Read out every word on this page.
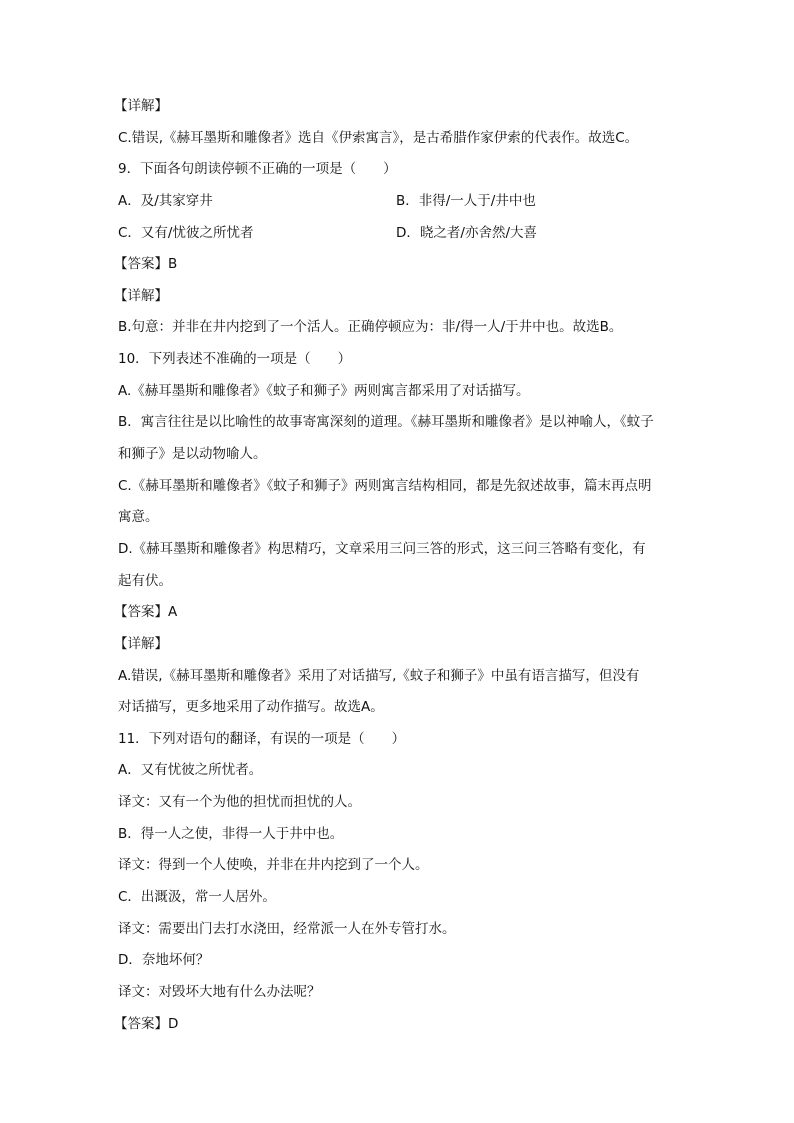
【详解】
C.错误,《赫耳墨斯和雕像者》选自《伊索寓言》，是古希腊作家伊索的代表作。故选C。
9．下面各句朗读停顿不正确的一项是（　　）
A．及/其家穿井	B．非得/一人于/井中也
C．又有/忧彼之所忧者	D．晓之者/亦舍然/大喜
【答案】B
【详解】
B.句意：并非在井内挖到了一个活人。正确停顿应为：非/得一人/于井中也。故选B。
10．下列表述不准确的一项是（　　）
A.《赫耳墨斯和雕像者》《蚊子和狮子》两则寓言都采用了对话描写。
B．寓言往往是以比喻性的故事寄寓深刻的道理。《赫耳墨斯和雕像者》是以神喻人，《蚊子
和狮子》是以动物喻人。
C.《赫耳墨斯和雕像者》《蚊子和狮子》两则寓言结构相同，都是先叙述故事，篇末再点明
寓意。
D.《赫耳墨斯和雕像者》构思精巧，文章采用三问三答的形式，这三问三答略有变化，有
起有伏。
【答案】A
【详解】
A.错误,《赫耳墨斯和雕像者》采用了对话描写,《蚊子和狮子》中虽有语言描写，但没有
对话描写，更多地采用了动作描写。故选A。
11．下列对语句的翻译，有误的一项是（　　）
A．又有忧彼之所忧者。
译文：又有一个为他的担忧而担忧的人。
B．得一人之使，非得一人于井中也。
译文：得到一个人使唤，并非在井内挖到了一个人。
C．出溉汲，常一人居外。
译文：需要出门去打水浇田，经常派一人在外专管打水。
D．奈地坏何？
译文：对毁坏大地有什么办法呢？
【答案】D
